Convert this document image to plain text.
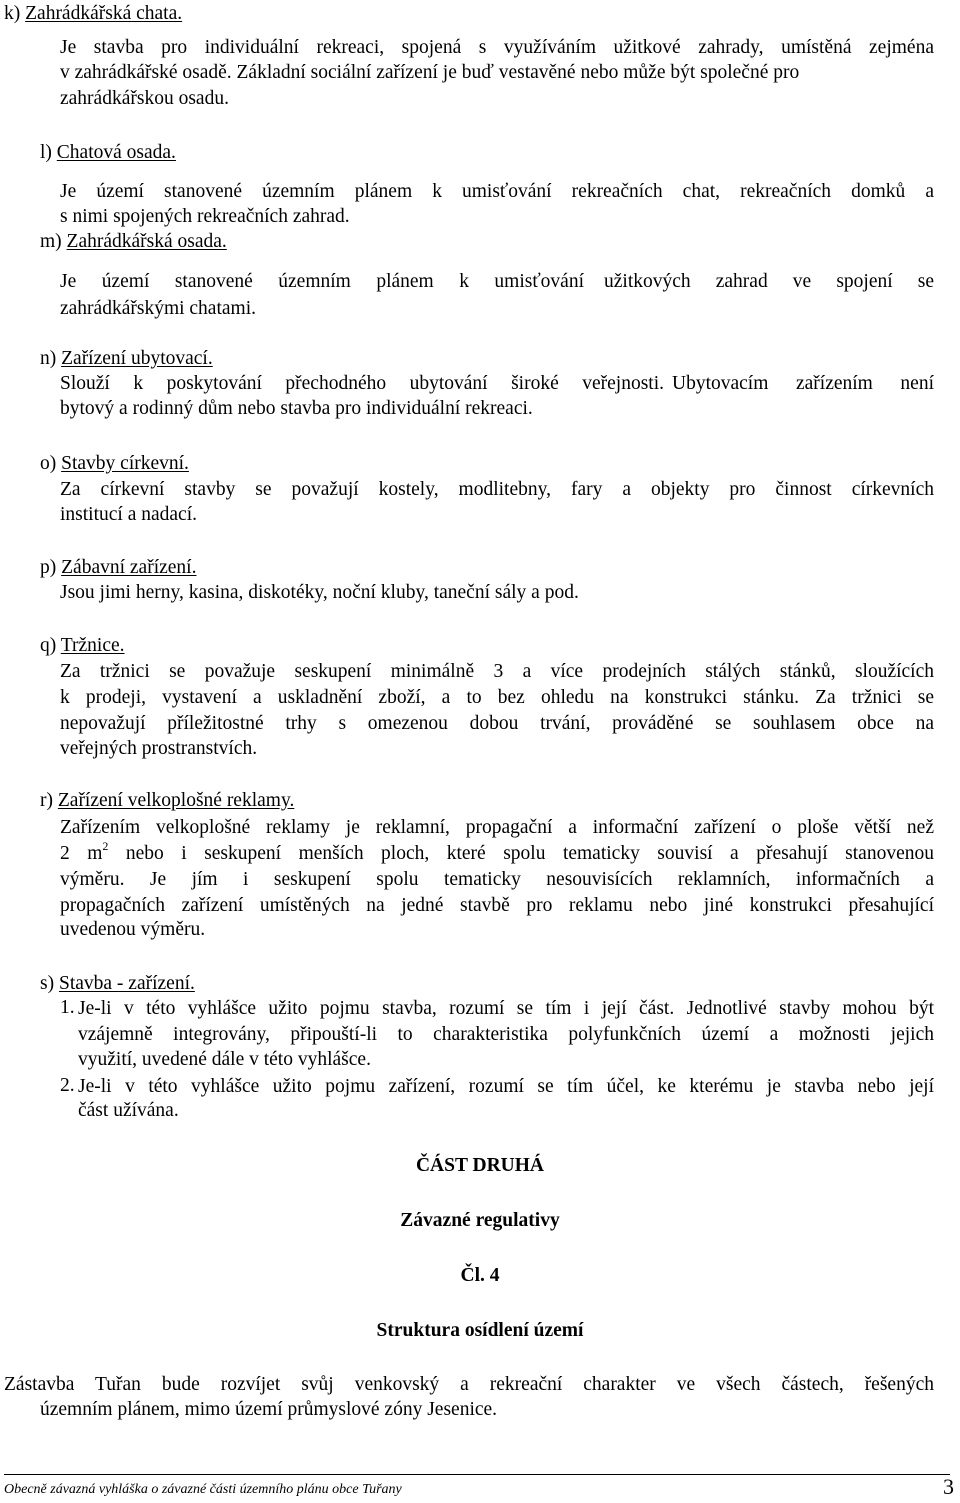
k) Zahrádkářská chata.
Je stavba pro individuální rekreaci, spojená s využíváním užitkové zahrady, umístěná zejména
v zahrádkářské osadě. Základní sociální zařízení je buď vestavěné nebo může být společné pro
zahrádkářskou osadu.
l) Chatová osada.
Je území stanovené územním plánem k umisťování rekreačních chat, rekreačních domků a
s nimi spojených rekreačních zahrad.
m) Zahrádkářská osada.
Je území stanovené územním plánem k umisťování užitkových zahrad ve spojení se
zahrádkářskými chatami.
n) Zařízení ubytovací.
Slouží k poskytování přechodného ubytování široké veřejnosti. Ubytovacím zařízením není
bytový a rodinný dům nebo stavba pro individuální rekreaci.
o) Stavby církevní.
Za církevní stavby se považují kostely, modlitebny, fary a objekty pro činnost církevních
institucí a nadací.
p) Zábavní zařízení.
Jsou jimi herny, kasina, diskotéky, noční kluby, taneční sály a pod.
q) Tržnice.
Za tržnici se považuje seskupení minimálně 3 a více prodejních stálých stánků, sloužících
k prodeji, vystavení a uskladnění zboží, a to bez ohledu na konstrukci stánku. Za tržnici se
nepovažují příležitostné trhy s omezenou dobou trvání, prováděné se souhlasem obce na
veřejných prostranstvích.
r) Zařízení velkoplošné reklamy.
Zařízením velkoplošné reklamy je reklamní, propagační a informační zařízení o ploše větší než
2 $m^2$ nebo i seskupení menších ploch, které spolu tematicky souvisí a přesahují stanovenou
výměru. Je jím i seskupení spolu tematicky nesouvisících reklamních, informačních a
propagačních zařízení umístěných na jedné stavbě pro reklamu nebo jiné konstrukci přesahující
uvedenou výměru.
s) Stavba - zařízení.
1. Je-li v této vyhlášce užito pojmu stavba, rozumí se tím i její část. Jednotlivé stavby mohou být
vzájemně integrovány, připouští-li to charakteristika polyfunkčních území a možnosti jejich
využití, uvedené dále v této vyhlášce.
2. Je-li v této vyhlášce užito pojmu zařízení, rozumí se tím účel, ke kterému je stavba nebo její
část užívána.
ČÁST DRUHÁ
Závazné regulativy
Čl. 4
Struktura osídlení území
Zástavba Tuřan bude rozvíjet svůj venkovský a rekreační charakter ve všech částech, řešených
územním plánem, mimo území průmyslové zóny Jesenice.
Obecně závazná vyhláška o závazné části územního plánu obce Tuřany	3
